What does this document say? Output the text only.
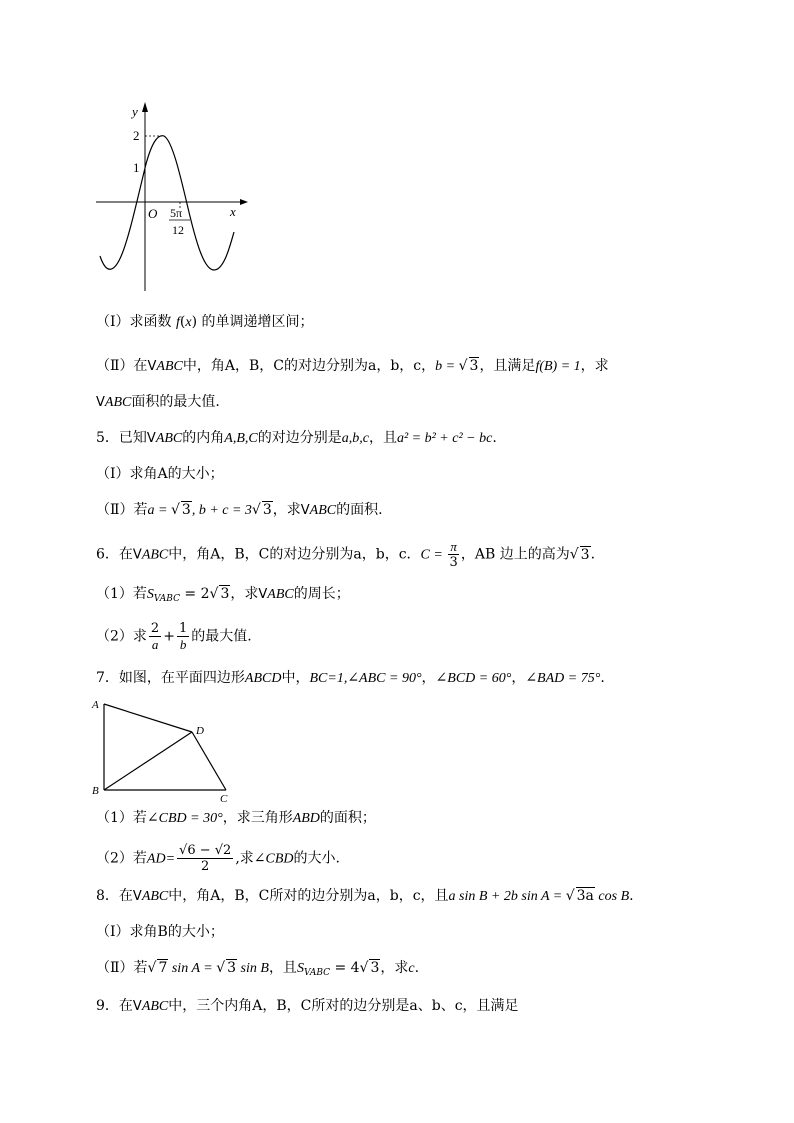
y
x
O
2
1
5π
12
（Ⅰ）求函数 f(x) 的单调递增区间；
（Ⅱ）在VABC中，角A，B，C的对边分别为a，b，c，b = √ 3，且满足f(B) = 1，求
VABC面积的最大值.
5．已知VABC的内角A,B,C的对边分别是a,b,c，且a² = b² + c² − bc.
（Ⅰ）求角A的大小；
（Ⅱ）若a = √ 3, b + c = 3√ 3，求VABC的面积.
6．在VABC中，角A，B，C的对边分别为a，b，c．$C = \frac{\pi}{3}$ ，AB 边上的高为√ 3.
（1）若$S_{VABC} = 2√$ 3，求VABC的周长；
（2）求 $\frac{2}{a} + \frac{1}{b}$ 的最大值.
7．如图，在平面四边形ABCD中，BC=1,∠ABC = 90°，∠BCD = 60°，∠BAD = 75°.
A
B
C
D
（1）若∠CBD = 30°，求三角形ABD的面积；
（2）若$AD= \frac{√6 - √2}{2}$ ,求∠CBD的大小.
8．在VABC中，角A，B，C所对的边分别为a，b，c，且a sin B + 2b sin A = √ 3a cos B.
（Ⅰ）求角B的大小；
（Ⅱ）若√ 7 sin A = √ 3 sin B，且$S_{VABC} = 4√$ 3，求c.
9．在VABC中，三个内角A，B，C所对的边分别是a、b、c，且满足
